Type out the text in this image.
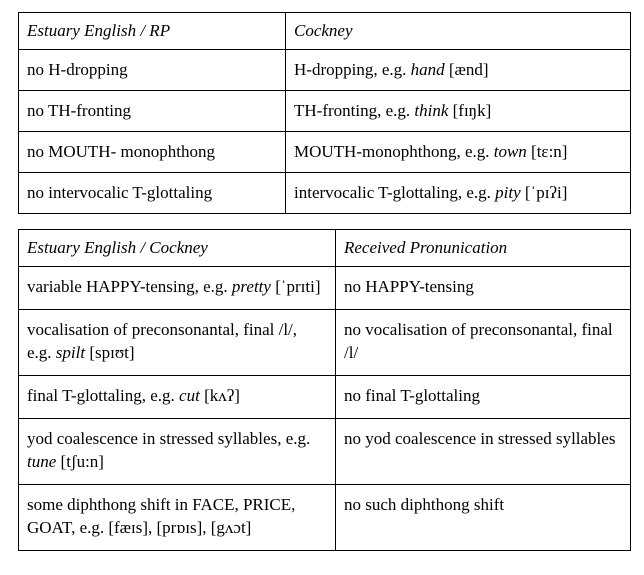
Estuary English / RP	Cockney
no H-dropping	H-dropping, e.g. hand [ænd]
no TH-fronting	TH-fronting, e.g. think [fɪŋk]
no MOUTH- monophthong	MOUTH-monophthong, e.g. town [tɛ:n]
no intervocalic T-glottaling	intervocalic T-glottaling, e.g. pity [ˈpɪʔi]
Estuary English / Cockney	Received Pronunication
variable HAPPY-tensing, e.g. pretty [ˈprɪti]	no HAPPY-tensing
vocalisation of preconsonantal, final /l/, e.g. spilt [spɪʊt]	no vocalisation of preconsonantal, final /l/
final T-glottaling, e.g. cut [kʌʔ]	no final T-glottaling
yod coalescence in stressed syllables, e.g. tune [tʃu:n]	no yod coalescence in stressed syllables
some diphthong shift in FACE, PRICE, GOAT, e.g. [fæɪs], [prɒɪs], [gʌɔt]	no such diphthong shift
